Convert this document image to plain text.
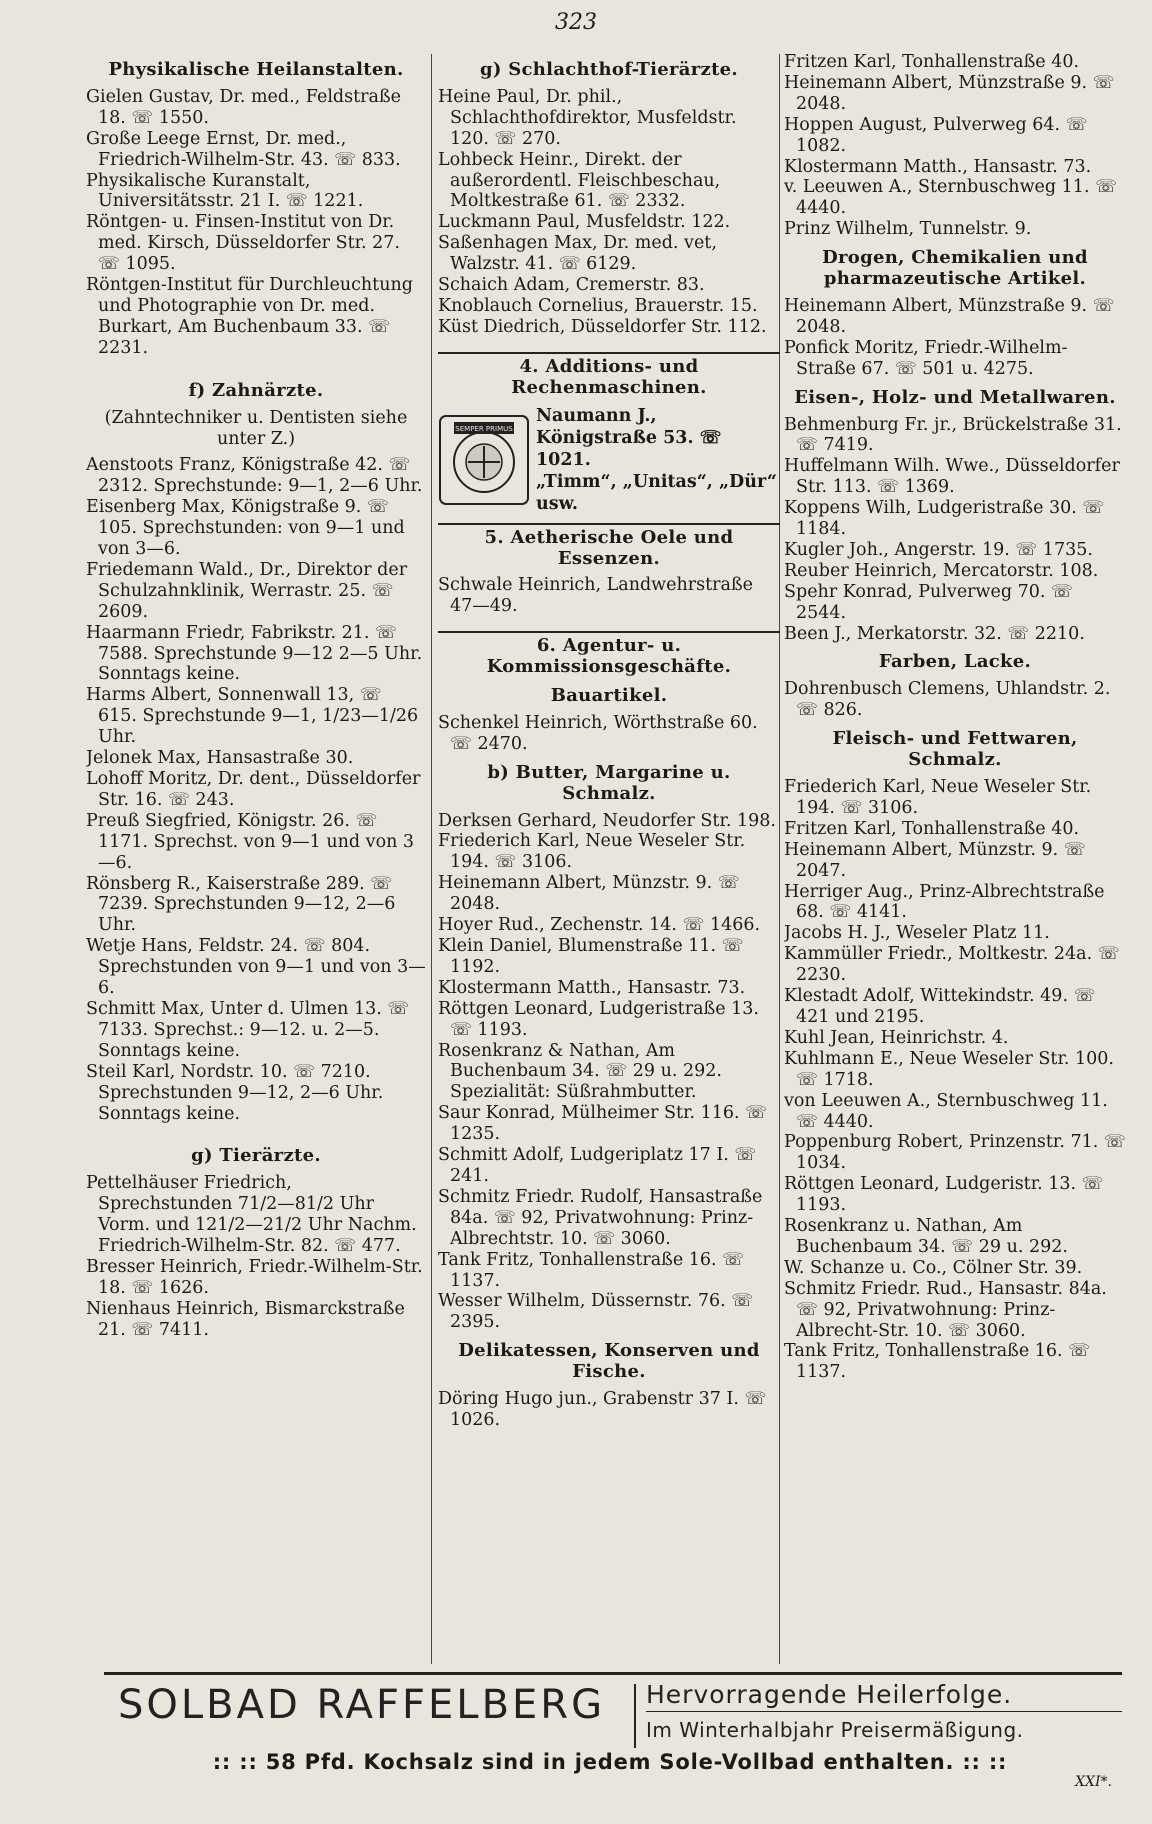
323
Physikalische Heilanstalten.

Gielen Gustav, Dr. med., Feldstraße 18. ☏ 1550.

Große Leege Ernst, Dr. med., Friedrich-Wilhelm-Str. 43. ☏ 833.

Physikalische Kuranstalt, Universitätsstr. 21 I. ☏ 1221.

Röntgen- u. Finsen-Institut von Dr. med. Kirsch, Düsseldorfer Str. 27. ☏ 1095.

Röntgen-Institut für Durchleuchtung und Photographie von Dr. med. Burkart, Am Buchenbaum 33. ☏ 2231.

f) Zahnärzte.
(Zahntechniker u. Dentisten siehe unter Z.)

Aenstoots Franz, Königstraße 42. ☏ 2312. Sprechstunde: 9—1, 2—6 Uhr.

Eisenberg Max, Königstraße 9. ☏ 105. Sprechstunden: von 9—1 und von 3—6.

Friedemann Wald., Dr., Direktor der Schulzahnklinik, Werrastr. 25. ☏ 2609.

Haarmann Friedr, Fabrikstr. 21. ☏ 7588. Sprechstunde 9—12 2—5 Uhr. Sonntags keine.

Harms Albert, Sonnenwall 13, ☏ 615. Sprechstunde 9—1, 1/23—1/26 Uhr.

Jelonek Max, Hansastraße 30.

Lohoff Moritz, Dr. dent., Düsseldorfer Str. 16. ☏ 243.

Preuß Siegfried, Königstr. 26. ☏ 1171. Sprechst. von 9—1 und von 3—6.

Rönsberg R., Kaiserstraße 289. ☏ 7239. Sprechstunden 9—12, 2—6 Uhr.

Wetje Hans, Feldstr. 24. ☏ 804. Sprechstunden von 9—1 und von 3—6.

Schmitt Max, Unter d. Ulmen 13. ☏ 7133. Sprechst.: 9—12. u. 2—5. Sonntags keine.

Steil Karl, Nordstr. 10. ☏ 7210. Sprechstunden 9—12, 2—6 Uhr. Sonntags keine.

g) Tierärzte.

Pettelhäuser Friedrich, Sprechstunden 71/2—81/2 Uhr Vorm. und 121/2—21/2 Uhr Nachm. Friedrich-Wilhelm-Str. 82. ☏ 477.

Bresser Heinrich, Friedr.-Wilhelm-Str. 18. ☏ 1626.

Nienhaus Heinrich, Bismarckstraße 21. ☏ 7411.

g) Schlachthof-Tierärzte.

Heine Paul, Dr. phil., Schlachthofdirektor, Musfeldstr. 120. ☏ 270.

Lohbeck Heinr., Direkt. der außerordentl. Fleischbeschau, Moltkestraße 61. ☏ 2332.

Luckmann Paul, Musfeldstr. 122.

Saßenhagen Max, Dr. med. vet, Walzstr. 41. ☏ 6129.

Schaich Adam, Cremerstr. 83.

Knoblauch Cornelius, Brauerstr. 15.

Küst Diedrich, Düsseldorfer Str. 112.

4. Additions- und Rechenmaschinen.
SEMPER PRIMUS
Naumann J., Königstraße 53. ☏ 1021.
„Timm“, „Unitas“, „Dür“ usw.
5. Aetherische Oele und Essenzen.

Schwale Heinrich, Landwehrstraße 47—49.

6. Agentur- u. Kommissionsgeschäfte.
Bauartikel.

Schenkel Heinrich, Wörthstraße 60. ☏ 2470.

b) Butter, Margarine u. Schmalz.

Derksen Gerhard, Neudorfer Str. 198.

Friederich Karl, Neue Weseler Str. 194. ☏ 3106.

Heinemann Albert, Münzstr. 9. ☏ 2048.

Hoyer Rud., Zechenstr. 14. ☏ 1466.

Klein Daniel, Blumenstraße 11. ☏ 1192.

Klostermann Matth., Hansastr. 73.

Röttgen Leonard, Ludgeristraße 13. ☏ 1193.

Rosenkranz & Nathan, Am Buchenbaum 34. ☏ 29 u. 292. Spezialität: Süßrahmbutter.

Saur Konrad, Mülheimer Str. 116. ☏ 1235.

Schmitt Adolf, Ludgeriplatz 17 I. ☏ 241.

Schmitz Friedr. Rudolf, Hansastraße 84a. ☏ 92, Privatwohnung: Prinz-Albrechtstr. 10. ☏ 3060.

Tank Fritz, Tonhallenstraße 16. ☏ 1137.

Wesser Wilhelm, Düssernstr. 76. ☏ 2395.

Delikatessen, Konserven und Fische.

Döring Hugo jun., Grabenstr 37 I. ☏ 1026.

Fritzen Karl, Tonhallenstraße 40.

Heinemann Albert, Münzstraße 9. ☏ 2048.

Hoppen August, Pulverweg 64. ☏ 1082.

Klostermann Matth., Hansastr. 73.

v. Leeuwen A., Sternbuschweg 11. ☏ 4440.

Prinz Wilhelm, Tunnelstr. 9.

Drogen, Chemikalien und pharmazeutische Artikel.

Heinemann Albert, Münzstraße 9. ☏ 2048.

Ponfick Moritz, Friedr.-Wilhelm-Straße 67. ☏ 501 u. 4275.

Eisen-, Holz- und Metallwaren.

Behmenburg Fr. jr., Brückelstraße 31. ☏ 7419.

Huffelmann Wilh. Wwe., Düsseldorfer Str. 113. ☏ 1369.

Koppens Wilh, Ludgeristraße 30. ☏ 1184.

Kugler Joh., Angerstr. 19. ☏ 1735.

Reuber Heinrich, Mercatorstr. 108.

Spehr Konrad, Pulverweg 70. ☏ 2544.

Been J., Merkatorstr. 32. ☏ 2210.

Farben, Lacke.

Dohrenbusch Clemens, Uhlandstr. 2. ☏ 826.

Fleisch- und Fettwaren, Schmalz.

Friederich Karl, Neue Weseler Str. 194. ☏ 3106.

Fritzen Karl, Tonhallenstraße 40.

Heinemann Albert, Münzstr. 9. ☏ 2047.

Herriger Aug., Prinz-Albrechtstraße 68. ☏ 4141.

Jacobs H. J., Weseler Platz 11.

Kammüller Friedr., Moltkestr. 24a. ☏ 2230.

Klestadt Adolf, Wittekindstr. 49. ☏ 421 und 2195.

Kuhl Jean, Heinrichstr. 4.

Kuhlmann E., Neue Weseler Str. 100. ☏ 1718.

von Leeuwen A., Sternbuschweg 11. ☏ 4440.

Poppenburg Robert, Prinzenstr. 71. ☏ 1034.

Röttgen Leonard, Ludgeristr. 13. ☏ 1193.

Rosenkranz u. Nathan, Am Buchenbaum 34. ☏ 29 u. 292.

W. Schanze u. Co., Cölner Str. 39.

Schmitz Friedr. Rud., Hansastr. 84a. ☏ 92, Privatwohnung: Prinz-Albrecht-Str. 10. ☏ 3060.

Tank Fritz, Tonhallenstraße 16. ☏ 1137.

SOLBAD RAFFELBERG Hervorragende Heilerfolge.
Im Winterhalbjahr Preisermäßigung.
:: :: 58 Pfd. Kochsalz sind in jedem Sole-Vollbad enthalten. :: ::
XXI*.
